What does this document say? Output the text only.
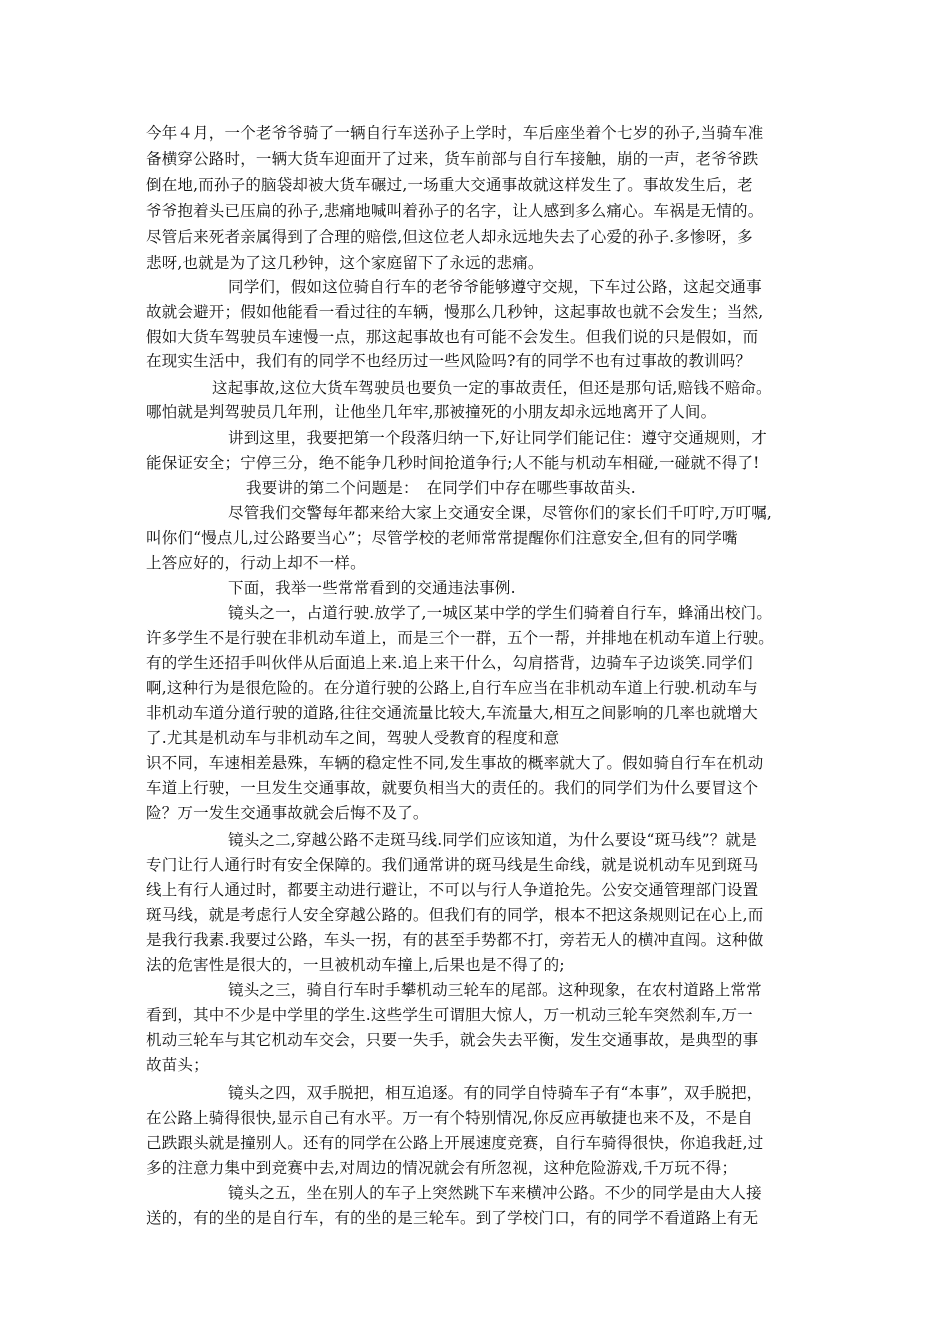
今年４月，一个老爷爷骑了一辆自行车送孙子上学时，车后座坐着个七岁的孙子,当骑车准
备横穿公路时，一辆大货车迎面开了过来，货车前部与自行车接触，崩的一声，老爷爷跌
倒在地,而孙子的脑袋却被大货车碾过,一场重大交通事故就这样发生了。事故发生后，老
爷爷抱着头已压扁的孙子,悲痛地喊叫着孙子的名字，让人感到多么痛心。车祸是无情的。
尽管后来死者亲属得到了合理的赔偿,但这位老人却永远地失去了心爱的孙子.多惨呀，多
悲呀,也就是为了这几秒钟，这个家庭留下了永远的悲痛。
同学们，假如这位骑自行车的老爷爷能够遵守交规，下车过公路，这起交通事
故就会避开；假如他能看一看过往的车辆，慢那么几秒钟，这起事故也就不会发生；当然,
假如大货车驾驶员车速慢一点，那这起事故也有可能不会发生。但我们说的只是假如，而
在现实生活中，我们有的同学不也经历过一些风险吗?有的同学不也有过事故的教训吗？
这起事故,这位大货车驾驶员也要负一定的事故责任，但还是那句话,赔钱不赔命。
哪怕就是判驾驶员几年刑，让他坐几年牢,那被撞死的小朋友却永远地离开了人间。
讲到这里，我要把第一个段落归纳一下,好让同学们能记住：遵守交通规则，才
能保证安全；宁停三分，绝不能争几秒时间抢道争行;人不能与机动车相碰,一碰就不得了!
我要讲的第二个问题是：　在同学们中存在哪些事故苗头.
尽管我们交警每年都来给大家上交通安全课，尽管你们的家长们千叮咛,万叮嘱,
叫你们“慢点儿,过公路要当心”；尽管学校的老师常常提醒你们注意安全,但有的同学嘴
上答应好的，行动上却不一样。
下面，我举一些常常看到的交通违法事例.
镜头之一，占道行驶.放学了,一城区某中学的学生们骑着自行车，蜂涌出校门。
许多学生不是行驶在非机动车道上，而是三个一群，五个一帮，并排地在机动车道上行驶。
有的学生还招手叫伙伴从后面追上来.追上来干什么，勾肩搭背，边骑车子边谈笑.同学们
啊,这种行为是很危险的。在分道行驶的公路上,自行车应当在非机动车道上行驶.机动车与
非机动车道分道行驶的道路,往往交通流量比较大,车流量大,相互之间影响的几率也就增大
了.尤其是机动车与非机动车之间，驾驶人受教育的程度和意
识不同，车速相差悬殊，车辆的稳定性不同,发生事故的概率就大了。假如骑自行车在机动
车道上行驶，一旦发生交通事故，就要负相当大的责任的。我们的同学们为什么要冒这个
险？万一发生交通事故就会后悔不及了。
镜头之二,穿越公路不走斑马线.同学们应该知道，为什么要设“斑马线”？就是
专门让行人通行时有安全保障的。我们通常讲的斑马线是生命线，就是说机动车见到斑马
线上有行人通过时，都要主动进行避让，不可以与行人争道抢先。公安交通管理部门设置
斑马线，就是考虑行人安全穿越公路的。但我们有的同学，根本不把这条规则记在心上,而
是我行我素.我要过公路，车头一拐，有的甚至手势都不打，旁若无人的横冲直闯。这种做
法的危害性是很大的，一旦被机动车撞上,后果也是不得了的;
镜头之三，骑自行车时手攀机动三轮车的尾部。这种现象，在农村道路上常常
看到，其中不少是中学里的学生.这些学生可谓胆大惊人，万一机动三轮车突然刹车,万一
机动三轮车与其它机动车交会，只要一失手，就会失去平衡，发生交通事故，是典型的事
故苗头；
镜头之四，双手脱把，相互追逐。有的同学自恃骑车子有“本事”，双手脱把，
在公路上骑得很快,显示自己有水平。万一有个特别情况,你反应再敏捷也来不及，不是自
己跌跟头就是撞别人。还有的同学在公路上开展速度竞赛，自行车骑得很快，你追我赶,过
多的注意力集中到竞赛中去,对周边的情况就会有所忽视，这种危险游戏,千万玩不得；
镜头之五，坐在别人的车子上突然跳下车来横冲公路。不少的同学是由大人接
送的，有的坐的是自行车，有的坐的是三轮车。到了学校门口，有的同学不看道路上有无
